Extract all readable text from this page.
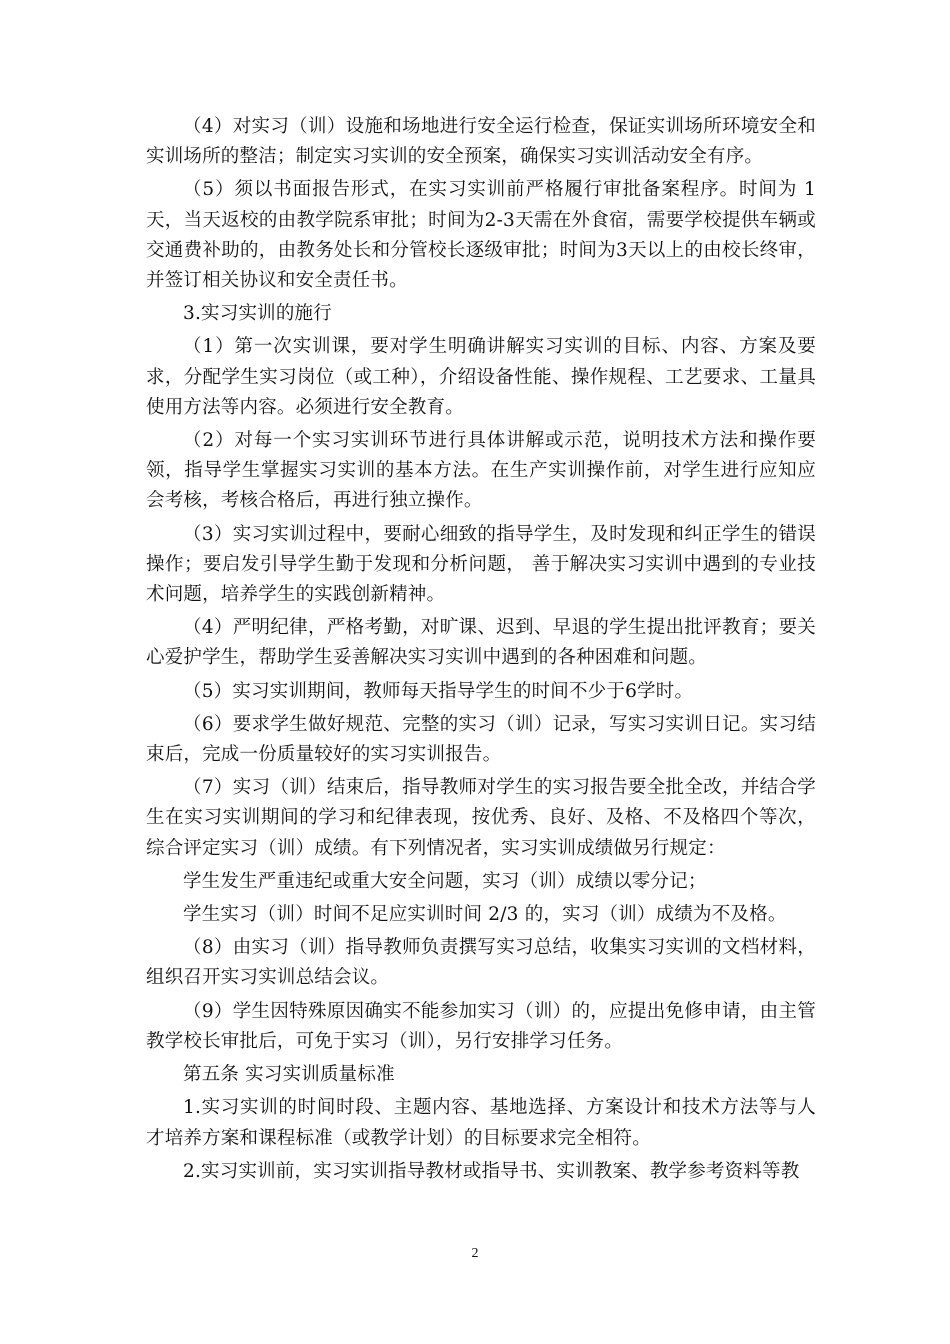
（4）对实习（训）设施和场地进行安全运行检查，保证实训场所环境安全和实训场所的整洁；制定实习实训的安全预案，确保实习实训活动安全有序。

（5）须以书面报告形式，在实习实训前严格履行审批备案程序。时间为 1 天，当天返校的由教学院系审批；时间为2-3天需在外食宿，需要学校提供车辆或交通费补助的，由教务处长和分管校长逐级审批；时间为3天以上的由校长终审，并签订相关协议和安全责任书。

3.实习实训的施行

（1）第一次实训课，要对学生明确讲解实习实训的目标、内容、方案及要求，分配学生实习岗位（或工种），介绍设备性能、操作规程、工艺要求、工量具使用方法等内容。必须进行安全教育。

（2）对每一个实习实训环节进行具体讲解或示范，说明技术方法和操作要领，指导学生掌握实习实训的基本方法。在生产实训操作前，对学生进行应知应会考核，考核合格后，再进行独立操作。

（3）实习实训过程中，要耐心细致的指导学生，及时发现和纠正学生的错误操作；要启发引导学生勤于发现和分析问题， 善于解决实习实训中遇到的专业技术问题，培养学生的实践创新精神。

（4）严明纪律，严格考勤，对旷课、迟到、早退的学生提出批评教育；要关心爱护学生，帮助学生妥善解决实习实训中遇到的各种困难和问题。

（5）实习实训期间，教师每天指导学生的时间不少于6学时。

（6）要求学生做好规范、完整的实习（训）记录，写实习实训日记。实习结束后，完成一份质量较好的实习实训报告。

（7）实习（训）结束后，指导教师对学生的实习报告要全批全改，并结合学生在实习实训期间的学习和纪律表现，按优秀、良好、及格、不及格四个等次，综合评定实习（训）成绩。有下列情况者，实习实训成绩做另行规定：

学生发生严重违纪或重大安全问题，实习（训）成绩以零分记；

学生实习（训）时间不足应实训时间 2/3 的，实习（训）成绩为不及格。

（8）由实习（训）指导教师负责撰写实习总结，收集实习实训的文档材料，组织召开实习实训总结会议。

（9）学生因特殊原因确实不能参加实习（训）的，应提出免修申请，由主管教学校长审批后，可免于实习（训），另行安排学习任务。

第五条 实习实训质量标准

1.实习实训的时间时段、主题内容、基地选择、方案设计和技术方法等与人才培养方案和课程标准（或教学计划）的目标要求完全相符。

2.实习实训前，实习实训指导教材或指导书、实训教案、教学参考资料等教

2
